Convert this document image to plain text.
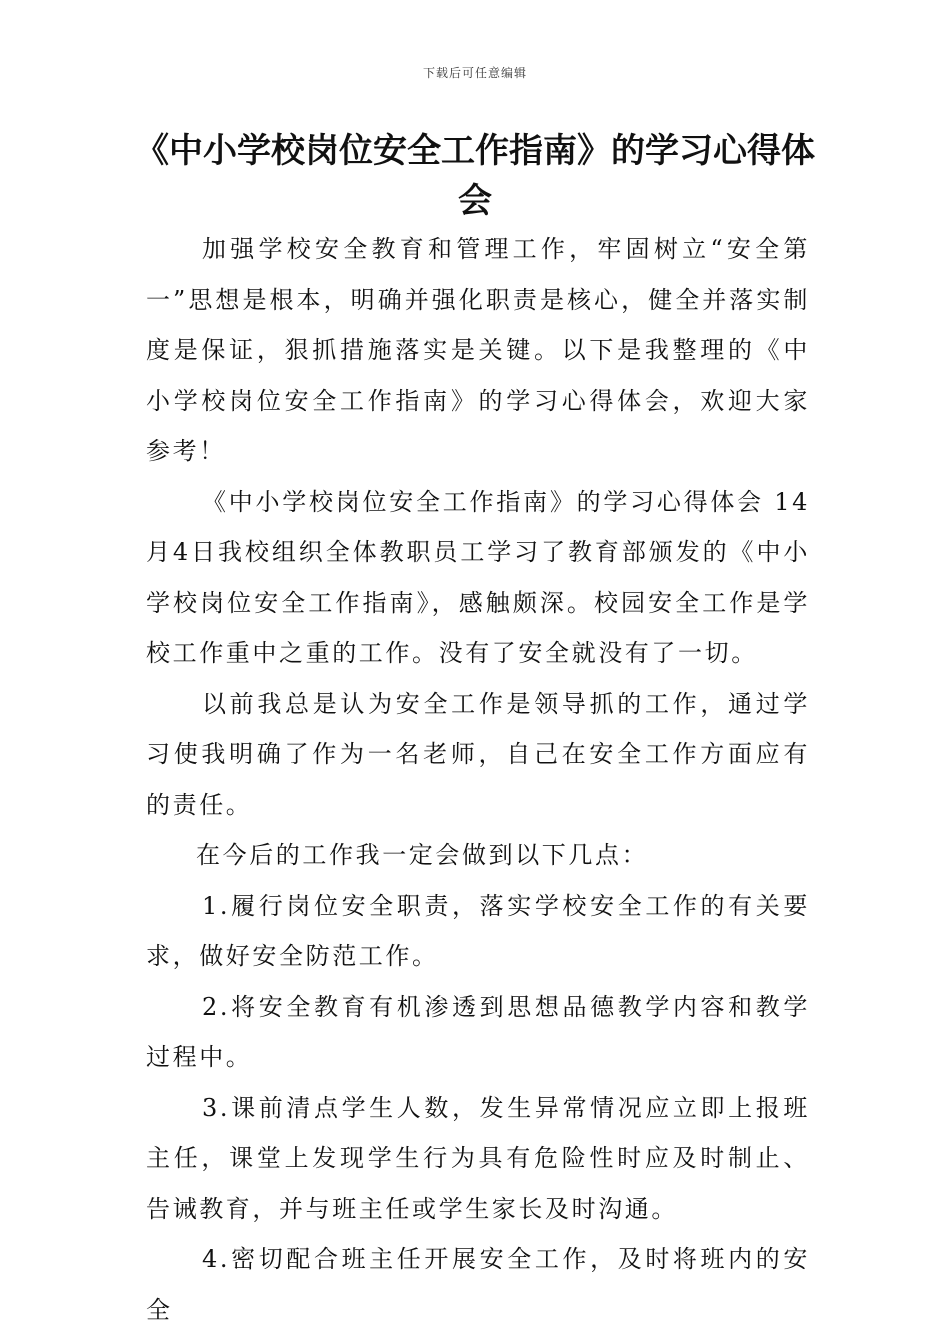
下载后可任意编辑
《中小学校岗位安全工作指南》的学习心得体会

加强学校安全教育和管理工作，牢固树立“安全第一”思想是根本，明确并强化职责是核心，健全并落实制度是保证，狠抓措施落实是关键。以下是我整理的《中小学校岗位安全工作指南》的学习心得体会，欢迎大家参考！

《中小学校岗位安全工作指南》的学习心得体会 14月4日我校组织全体教职员工学习了教育部颁发的《中小学校岗位安全工作指南》，感触颇深。校园安全工作是学校工作重中之重的工作。没有了安全就没有了一切。

以前我总是认为安全工作是领导抓的工作，通过学习使我明确了作为一名老师，自己在安全工作方面应有的责任。

在今后的工作我一定会做到以下几点：

1.履行岗位安全职责，落实学校安全工作的有关要求，做好安全防范工作。

2.将安全教育有机渗透到思想品德教学内容和教学过程中。

3.课前清点学生人数，发生异常情况应立即上报班主任，课堂上发现学生行为具有危险性时应及时制止、告诫教育，并与班主任或学生家长及时沟通。

4.密切配合班主任开展安全工作，及时将班内的安全
